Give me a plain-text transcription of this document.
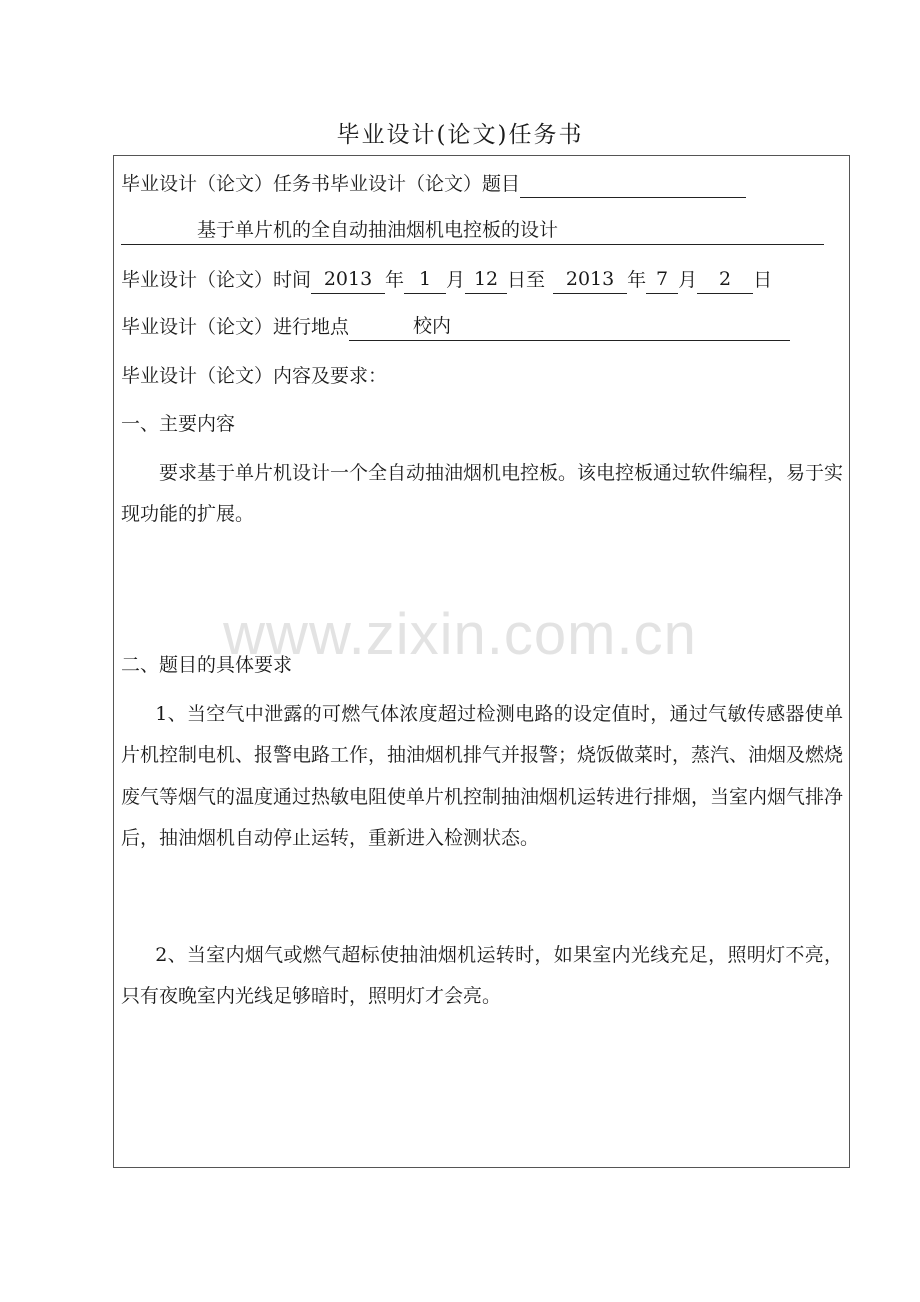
毕业设计(论文)任务书
毕业设计（论文）任务书毕业设计（论文）题目
基于单片机的全自动抽油烟机电控板的设计
毕业设计（论文）时间 2013 年 1 月 12 日至 2013 年 7 月 2 日
毕业设计（论文）进行地点	校内
毕业设计（论文）内容及要求：
一、主要内容
要求基于单片机设计一个全自动抽油烟机电控板。该电控板通过软件编程，易于实现功能的扩展。
www.zixin.com.cn
二、题目的具体要求
1、当空气中泄露的可燃气体浓度超过检测电路的设定值时，通过气敏传感器使单片机控制电机、报警电路工作，抽油烟机排气并报警；烧饭做菜时，蒸汽、油烟及燃烧废气等烟气的温度通过热敏电阻使单片机控制抽油烟机运转进行排烟，当室内烟气排净后，抽油烟机自动停止运转，重新进入检测状态。
2、当室内烟气或燃气超标使抽油烟机运转时，如果室内光线充足，照明灯不亮，只有夜晚室内光线足够暗时，照明灯才会亮。
